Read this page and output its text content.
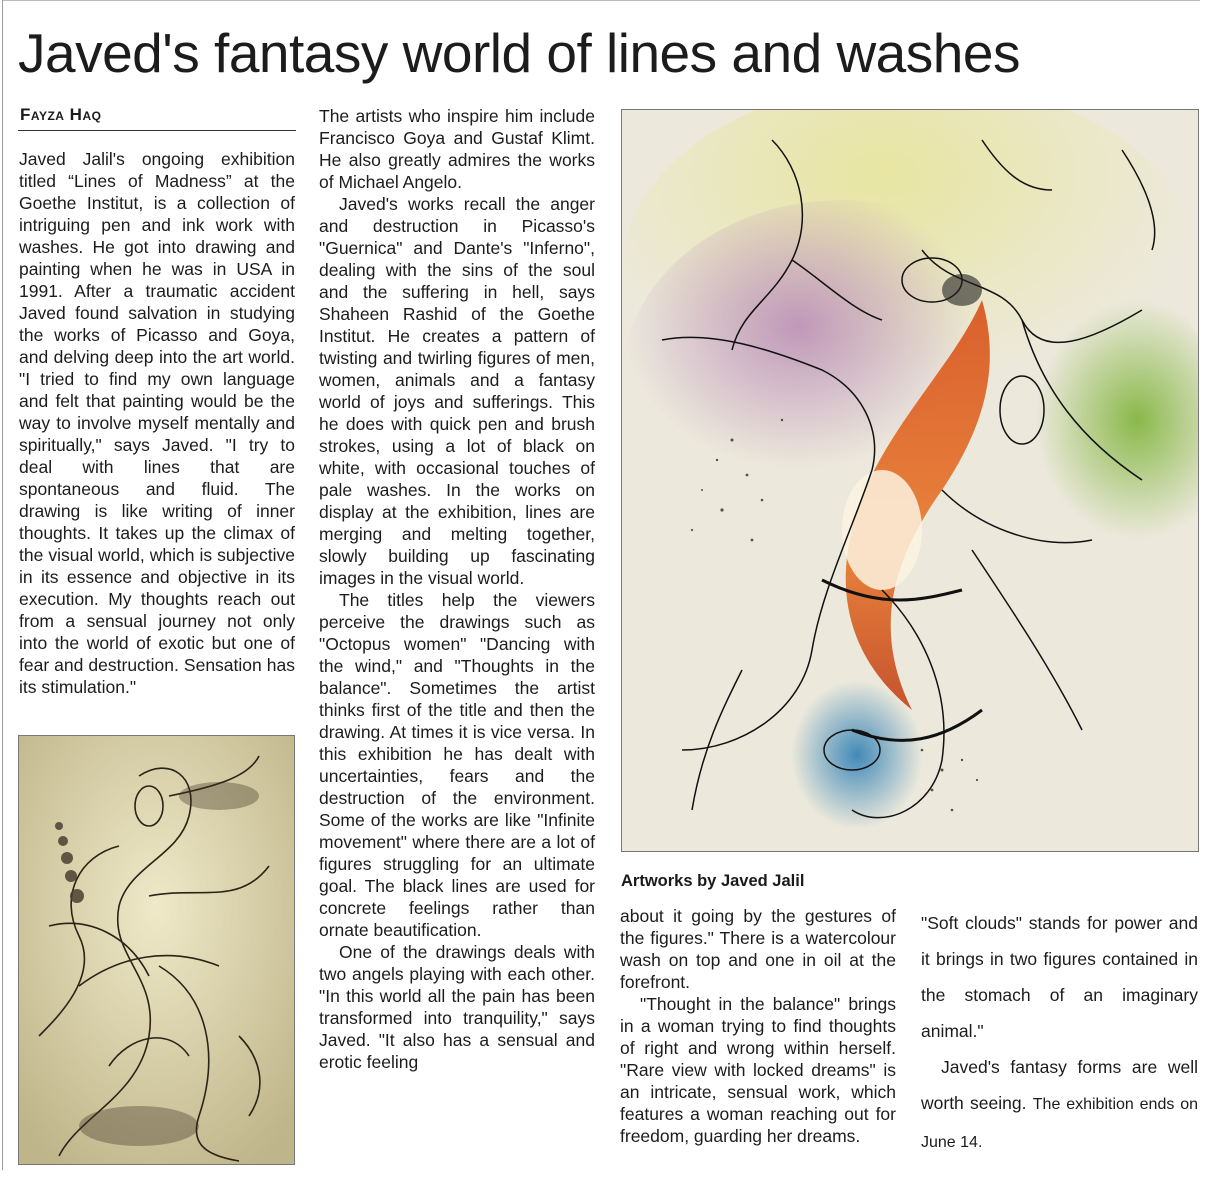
Javed's fantasy world of lines and washes
Fayza Haq

Javed Jalil's ongoing exhibition titled “Lines of Madness” at the Goethe Institut, is a collection of intriguing pen and ink work with washes. He got into drawing and painting when he was in USA in 1991. After a traumatic accident Javed found salvation in studying the works of Picasso and Goya, and delving deep into the art world. "I tried to find my own language and felt that painting would be the way to involve myself mentally and spiritually," says Javed. "I try to deal with lines that are spontaneous and fluid. The drawing is like writing of inner thoughts. It takes up the climax of the visual world, which is subjective in its essence and objective in its execution. My thoughts reach out from a sensual journey not only into the world of exotic but one of fear and destruction. Sensation has its stimulation."

The artists who inspire him include Francisco Goya and Gustaf Klimt. He also greatly admires the works of Michael Angelo.

Javed's works recall the anger and destruction in Picasso's "Guernica" and Dante's "Inferno", dealing with the sins of the soul and the suffering in hell, says Shaheen Rashid of the Goethe Institut. He creates a pattern of twisting and twirling figures of men, women, animals and a fantasy world of joys and sufferings. This he does with quick pen and brush strokes, using a lot of black on white, with occasional touches of pale washes. In the works on display at the exhibition, lines are merging and melting together, slowly building up fascinating images in the visual world.

The titles help the viewers perceive the drawings such as "Octopus women" "Dancing with the wind," and "Thoughts in the balance". Sometimes the artist thinks first of the title and then the drawing. At times it is vice versa. In this exhibition he has dealt with uncertainties, fears and the destruction of the environment. Some of the works are like "Infinite movement" where there are a lot of figures struggling for an ultimate goal. The black lines are used for concrete feelings rather than ornate beautification.

One of the drawings deals with two angels playing with each other. "In this world all the pain has been transformed into tranquility," says Javed. "It also has a sensual and erotic feeling

Artworks by Javed Jalil

about it going by the gestures of the figures." There is a watercolour wash on top and one in oil at the forefront.

"Thought in the balance" brings in a woman trying to find thoughts of right and wrong within herself. "Rare view with locked dreams" is an intricate, sensual work, which features a woman reaching out for freedom, guarding her dreams.

"Soft clouds" stands for power and it brings in two figures contained in the stomach of an imaginary animal."

Javed's fantasy forms are well worth seeing. The exhibition ends on June 14.
